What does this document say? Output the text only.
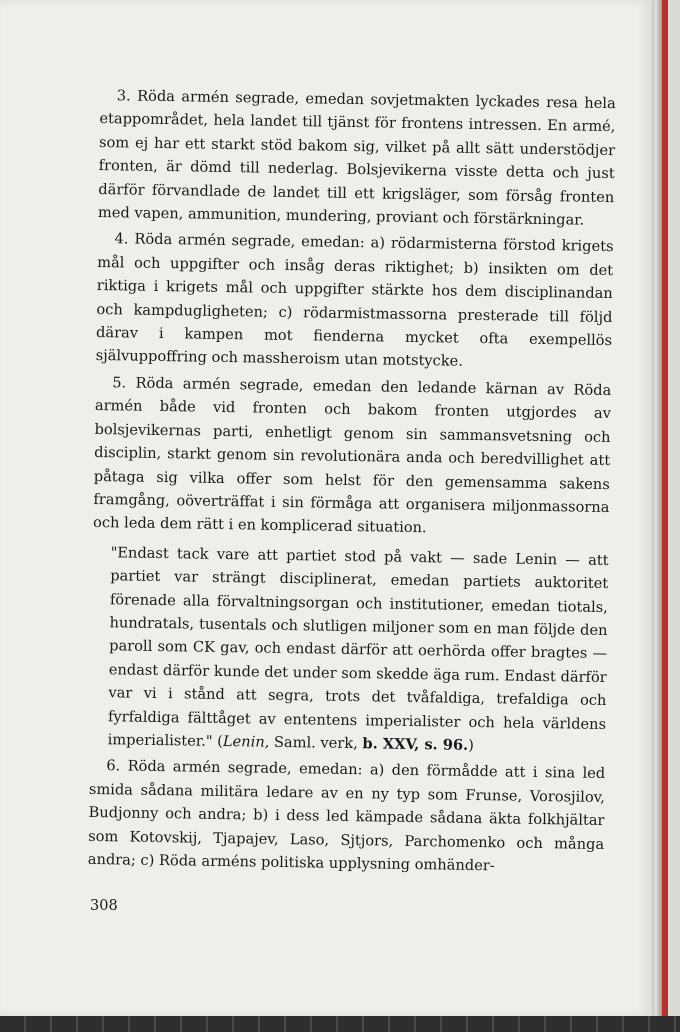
3. Röda armén segrade, emedan sovjetmakten lyckades resa hela etappområdet, hela landet till tjänst för frontens intressen. En armé, som ej har ett starkt stöd bakom sig, vilket på allt sätt understödjer fronten, är dömd till nederlag. Bolsjevikerna visste detta och just därför förvandlade de landet till ett krigsläger, som försåg fronten med vapen, ammunition, mundering, proviant och förstärkningar.

4. Röda armén segrade, emedan: a) rödarmisterna förstod krigets mål och uppgifter och insåg deras riktighet; b) insikten om det riktiga i krigets mål och uppgifter stärkte hos dem disciplinandan och kampdugligheten; c) rödarmistmassorna presterade till följd därav i kampen mot fienderna mycket ofta exempellös självuppoffring och massheroism utan motstycke.

5. Röda armén segrade, emedan den ledande kärnan av Röda armén både vid fronten och bakom fronten utgjordes av bolsjevikernas parti, enhetligt genom sin sammansvetsning och disciplin, starkt genom sin revolutionära anda och beredvillighet att påtaga sig vilka offer som helst för den gemensamma sakens framgång, oöverträffat i sin förmåga att organisera miljonmassorna och leda dem rätt i en komplicerad situation.

"Endast tack vare att partiet stod på vakt — sade Lenin — att partiet var strängt disciplinerat, emedan partiets auktoritet förenade alla förvaltningsorgan och institutioner, emedan tiotals, hundratals, tusentals och slutligen miljoner som en man följde den paroll som CK gav, och endast därför att oerhörda offer bragtes — endast därför kunde det under som skedde äga rum. Endast därför var vi i stånd att segra, trots det tvåfaldiga, trefaldiga och fyrfaldiga fälttåget av ententens imperialister och hela världens imperialister." (Lenin, Saml. verk, b. XXV, s. 96.)

6. Röda armén segrade, emedan: a) den förmådde att i sina led smida sådana militära ledare av en ny typ som Frunse, Vorosjilov, Budjonny och andra; b) i dess led kämpade sådana äkta folkhjältar som Kotovskij, Tjapajev, Laso, Sjtjors, Parchomenko och många andra; c) Röda arméns politiska upplysning omhänder-

308
